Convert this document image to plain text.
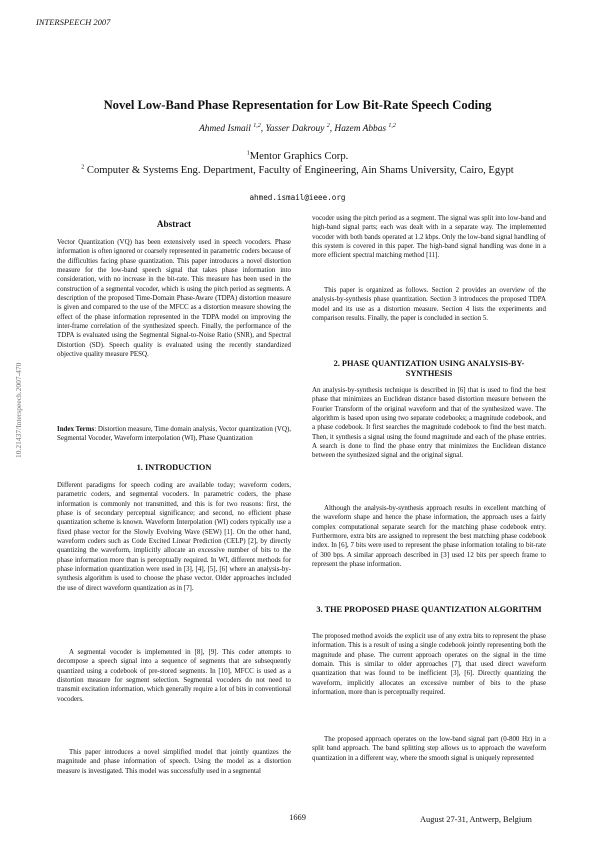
INTERSPEECH 2007
10.21437/Interspeech.2007-470
Novel Low-Band Phase Representation for Low Bit-Rate Speech Coding
Ahmed Ismail $^{1,2}$, Yasser Dakrouy $^2$, Hazem Abbas $^{1,2}$
$^1$Mentor Graphics Corp.
$^2$ Computer & Systems Eng. Department, Faculty of Engineering, Ain Shams University, Cairo, Egypt
ahmed.ismail@ieee.org
Abstract

Vector Quantization (VQ) has been extensively used in speech vocoders. Phase information is often ignored or coarsely represented in parametric coders because of the difficulties facing phase quantization. This paper introduces a novel distortion measure for the low-band speech signal that takes phase information into consideration, with no increase in the bit-rate. This measure has been used in the construction of a segmental vocoder, which is using the pitch period as segments. A description of the proposed Time-Domain Phase-Aware (TDPA) distortion measure is given and compared to the use of the MFCC as a distortion measure showing the effect of the phase information represented in the TDPA model on improving the inter-frame correlation of the synthesized speech. Finally, the performance of the TDPA is evaluated using the Segmental Signal-to-Noise Ratio (SNR), and Spectral Distortion (SD). Speech quality is evaluated using the recently standardized objective quality measure PESQ.

Index Terms: Distortion measure, Time domain analysis, Vector quantization (VQ), Segmental Vocoder, Waveform interpolation (WI), Phase Quantization

1. INTRODUCTION

Different paradigms for speech coding are available today; waveform coders, parametric coders, and segmental vocoders. In parametric coders, the phase information is commonly not transmitted, and this is for two reasons: first, the phase is of secondary perceptual significance; and second, no efficient phase quantization scheme is known. Waveform Interpolation (WI) coders typically use a fixed phase vector for the Slowly Evolving Wave (SEW) [1]. On the other hand, waveform coders such as Code Excited Linear Prediction (CELP) [2], by directly quantizing the waveform, implicitly allocate an excessive number of bits to the phase information more than is perceptually required. In WI, different methods for phase information quantization were used in [3], [4], [5], [6] where an analysis-by-synthesis algorithm is used to choose the phase vector. Older approaches included the use of direct waveform quantization as in [7].

A segmental vocoder is implemented in [8], [9]. This coder attempts to decompose a speech signal into a sequence of segments that are subsequently quantized using a codebook of pre-stored segments. In [10], MFCC is used as a distortion measure for segment selection. Segmental vocoders do not need to transmit excitation information, which generally require a lot of bits in conventional vocoders.

This paper introduces a novel simplified model that jointly quantizes the magnitude and phase information of speech. Using the model as a distortion measure is investigated. This model was successfully used in a segmental

vocoder using the pitch period as a segment. The signal was split into low-band and high-band signal parts; each was dealt with in a separate way. The implemented vocoder with both bands operated at 1.2 kbps. Only the low-band signal handling of this system is covered in this paper. The high-band signal handling was done in a more efficient spectral matching method [11].

This paper is organized as follows. Section 2 provides an overview of the analysis-by-synthesis phase quantization. Section 3 introduces the proposed TDPA model and its use as a distortion measure. Section 4 lists the experiments and comparison results. Finally, the paper is concluded in section 5.

2. PHASE QUANTIZATION USING ANALYSIS-BY-SYNTHESIS

An analysis-by-synthesis technique is described in [6] that is used to find the best phase that minimizes an Euclidean distance based distortion measure between the Fourier Transform of the original waveform and that of the synthesized wave. The algorithm is based upon using two separate codebooks; a magnitude codebook, and a phase codebook. It first searches the magnitude codebook to find the best match. Then, it synthesis a signal using the found magnitude and each of the phase entries. A search is done to find the phase entry that minimizes the Euclidean distance between the synthesized signal and the original signal.

Although the analysis-by-synthesis approach results in excellent matching of the waveform shape and hence the phase information, the approach uses a fairly complex computational separate search for the matching phase codebook entry. Furthermore, extra bits are assigned to represent the best matching phase codebook index. In [6], 7 bits were used to represent the phase information totaling to bit-rate of 300 bps. A similar approach described in [3] used 12 bits per speech frame to represent the phase information.

3. THE PROPOSED PHASE QUANTIZATION ALGORITHM

The proposed method avoids the explicit use of any extra bits to represent the phase information. This is a result of using a single codebook jointly representing both the magnitude and phase. The current approach operates on the signal in the time domain. This is similar to older approaches [7], that used direct waveform quantization that was found to be inefficient [3], [6]. Directly quantizing the waveform, implicitly allocates an excessive number of bits to the phase information, more than is perceptually required.

The proposed approach operates on the low-band signal part (0-800 Hz) in a split band approach. The band splitting step allows us to approach the waveform quantization in a different way, where the smooth signal is uniquely represented

1669	August 27-31, Antwerp, Belgium
